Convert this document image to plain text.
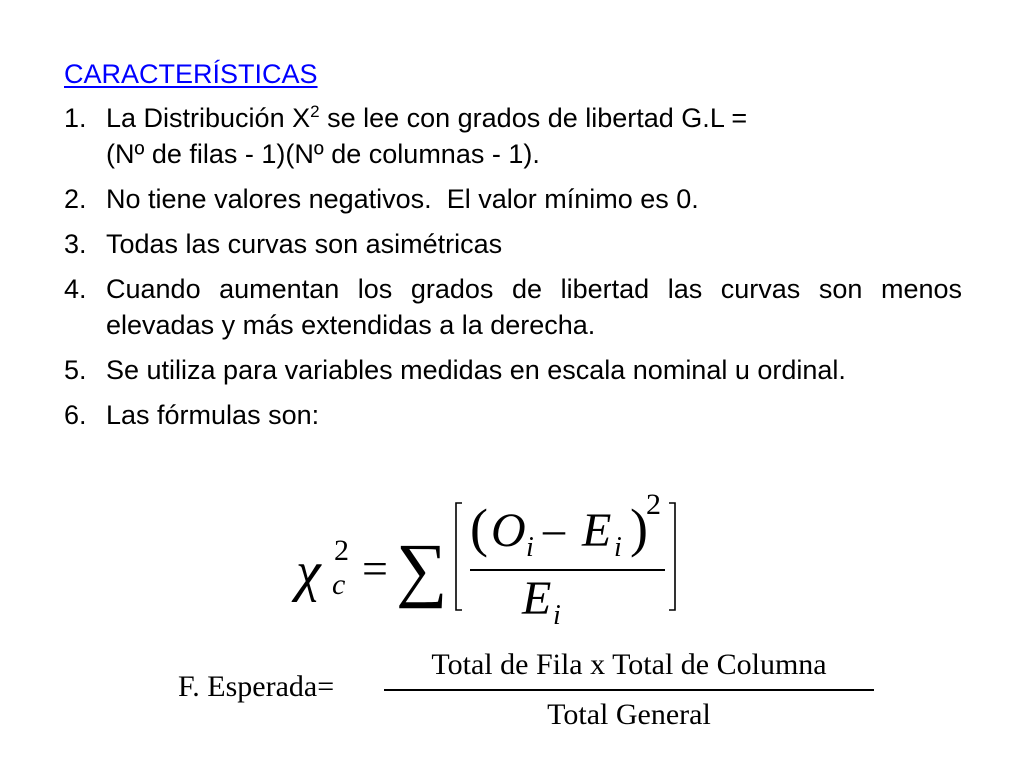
CARACTERÍSTICAS
1. La Distribución $X^2$ se lee con grados de libertad G.L =
(Nº de filas - 1)(Nº de columnas - 1).
2. No tiene valores negativos.  El valor mínimo es 0.
3. Todas las curvas son asimétricas
4. Cuando aumentan los grados de libertad las curvas son menos elevadas y más extendidas a la derecha.
5. Se utiliza para variables medidas en escala nominal u ordinal.
6. Las fórmulas son:
χ 2
c = ∑
( O i – E i )
2
E i
F. Esperada=
Total de Fila x Total de Columna
Total General
